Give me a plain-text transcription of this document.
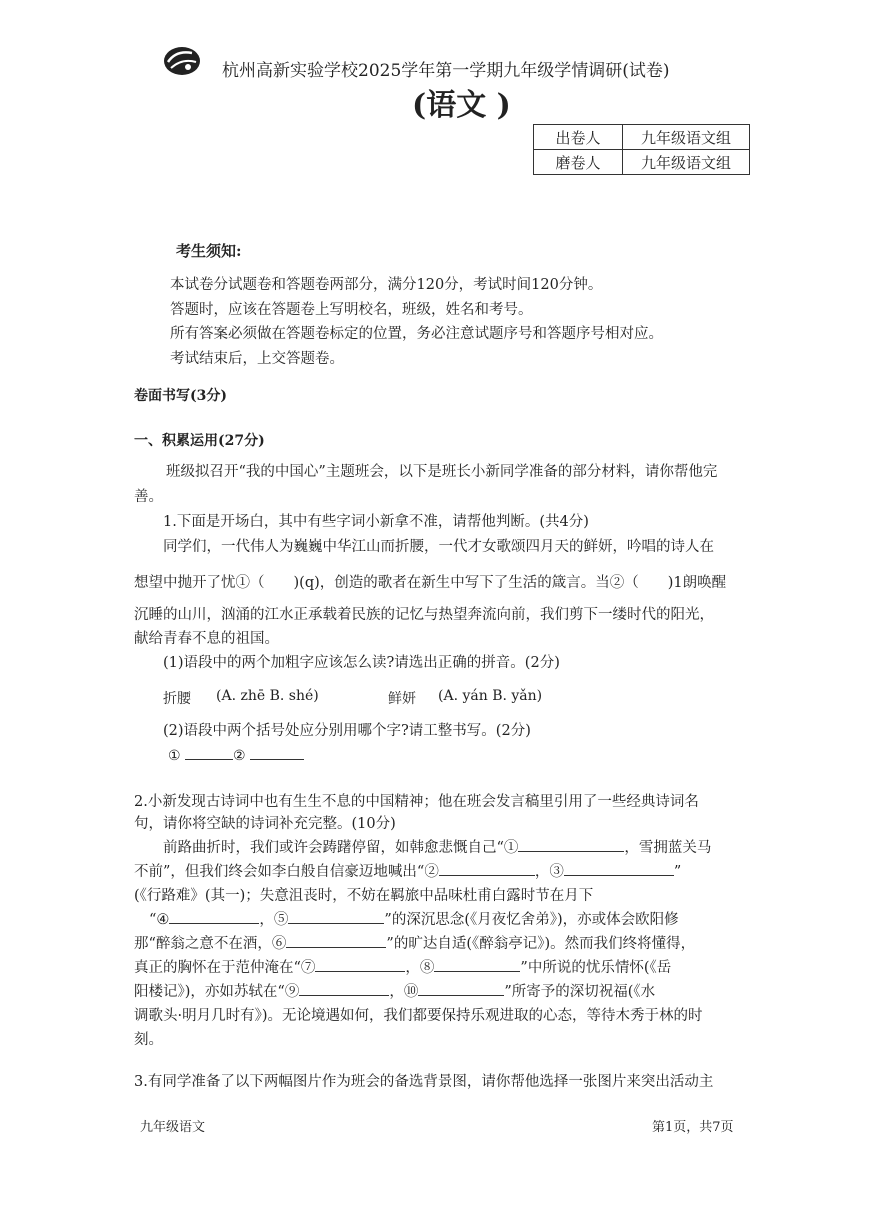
杭州高新实验学校2025学年第一学期九年级学情调研(试卷)
(语文 )
出卷人	九年级语文组
磨卷人	九年级语文组
考生须知:

本试卷分试题卷和答题卷两部分，满分120分，考试时间120分钟。

答题时，应该在答题卷上写明校名，班级，姓名和考号。

所有答案必须做在答题卷标定的位置，务必注意试题序号和答题序号相对应。

考试结束后，上交答题卷。

卷面书写(3分)
一、积累运用(27分)
班级拟召开“我的中国心”主题班会，以下是班长小新同学准备的部分材料，请你帮他完善。
1.下面是开场白，其中有些字词小新拿不准，请帮他判断。(共4分)
同学们，一代伟人为巍巍中华江山而折腰，一代才女歌颂四月天的鲜妍，吟唱的诗人在
想望中抛开了忧①（　　)(q)，创造的歌者在新生中写下了生活的箴言。当②（　　)1朗唤醒
沉睡的山川，汹涌的江水正承载着民族的记忆与热望奔流向前，我们剪下一缕时代的阳光，
献给青春不息的祖国。
(1)语段中的两个加粗字应该怎么读?请选出正确的拼音。(2分)
折腰 (A. zhē B. shé)	鲜妍 (A. yán B. yǎn)
(2)语段中两个括号处应分别用哪个字?请工整书写。(2分)
①	②
2.小新发现古诗词中也有生生不息的中国精神；他在班会发言稿里引用了一些经典诗词名
句，请你将空缺的诗词补充完整。(10分)
前路曲折时，我们或许会踌躇停留，如韩愈悲慨自己“①	，雪拥蓝关马
不前”，但我们终会如李白般自信豪迈地喊出“②	，③	”
(《行路难》(其一)；失意沮丧时，不妨在羁旅中品味杜甫白露时节在月下
“④	，⑤	”的深沉思念(《月夜忆舍弟》)，亦或体会欧阳修
那“醉翁之意不在酒，⑥	”的旷达自适(《醉翁亭记》)。然而我们终将懂得，
真正的胸怀在于范仲淹在“⑦	，⑧	”中所说的忧乐情怀(《岳
阳楼记》)，亦如苏轼在“⑨	，⑩	”所寄予的深切祝福(《水
调歌头·明月几时有》)。无论境遇如何，我们都要保持乐观进取的心态，等待木秀于林的时
刻。
3.有同学准备了以下两幅图片作为班会的备选背景图，请你帮他选择一张图片来突出活动主
九年级语文	第1页，共7页
